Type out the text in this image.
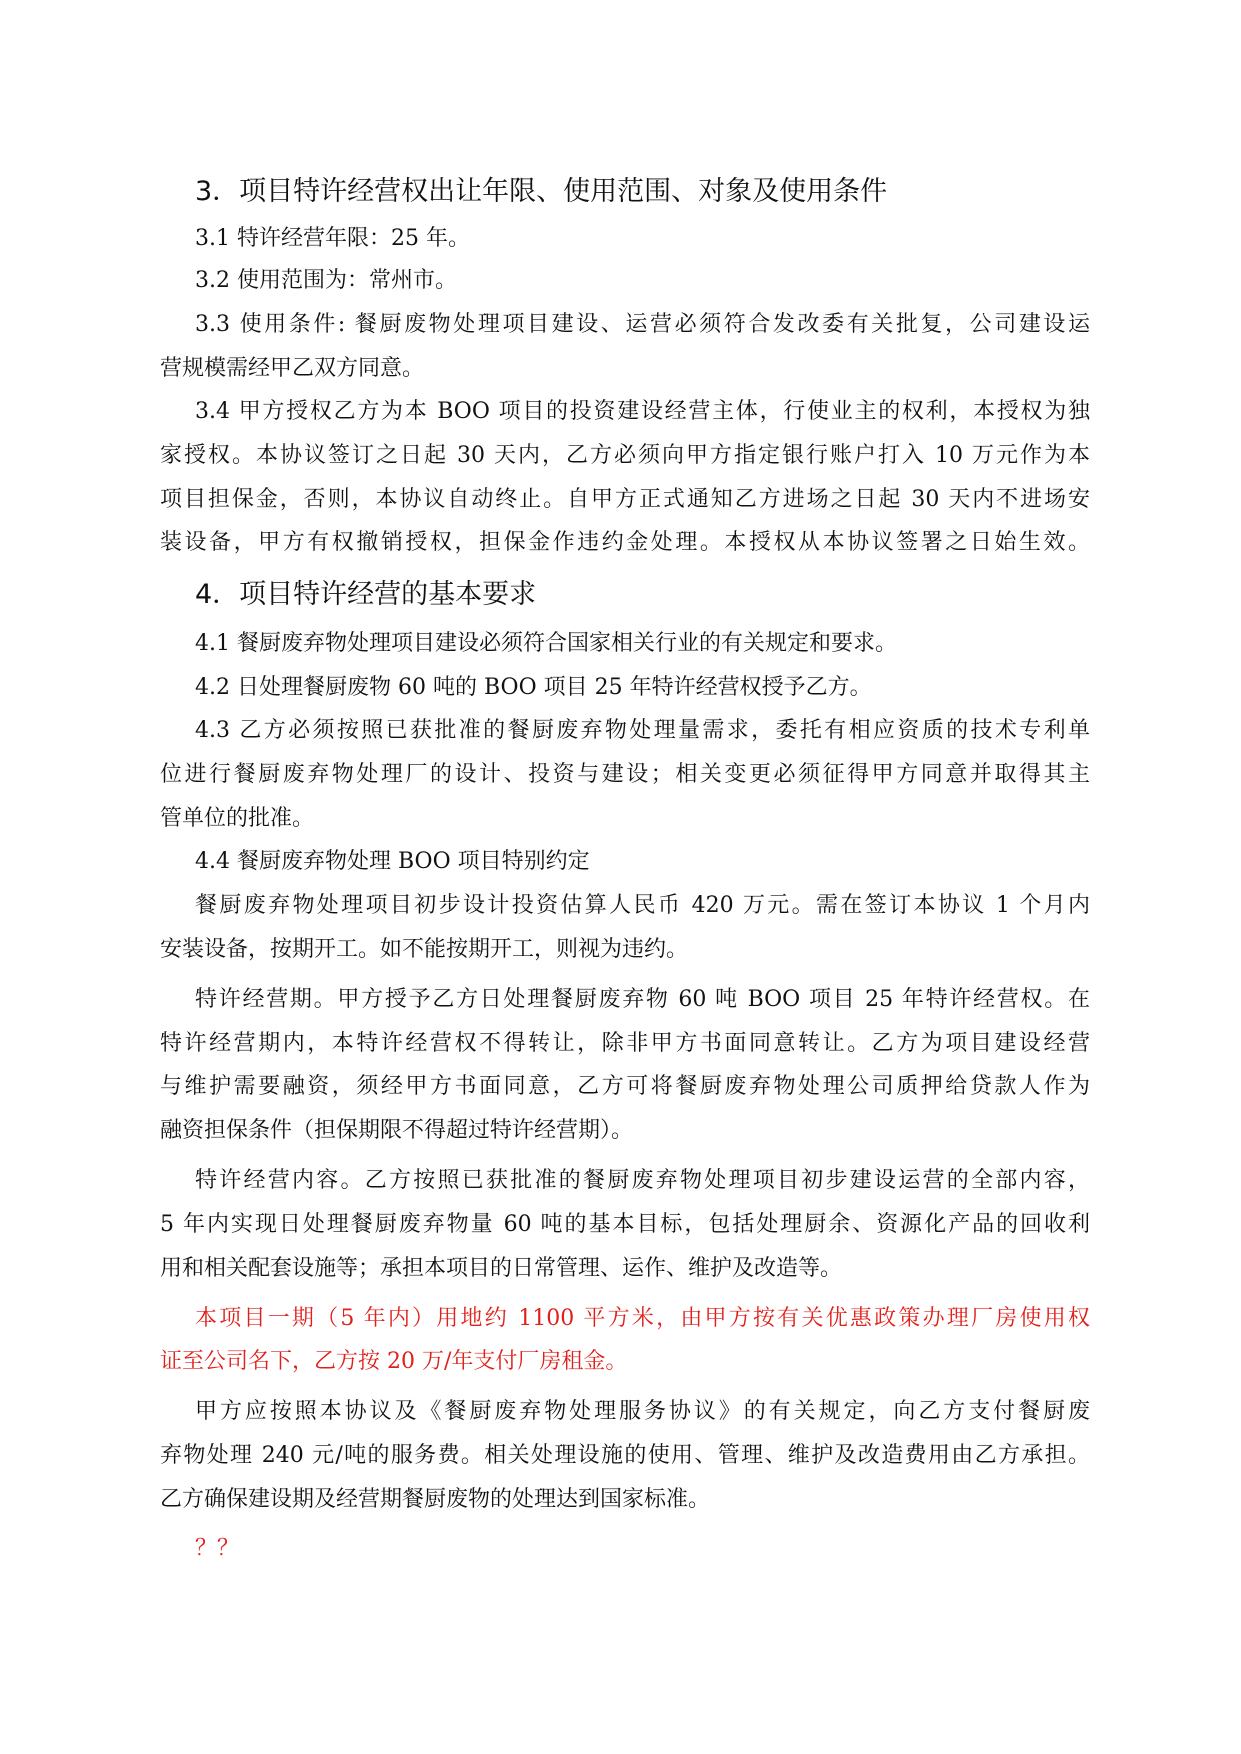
3．项目特许经营权出让年限、使用范围、对象及使用条件
3.1 特许经营年限：25 年。
3.2 使用范围为：常州市。
3.3 使用条件: 餐厨废物处理项目建设、运营必须符合发改委有关批复，公司建设运
营规模需经甲乙双方同意。
3.4 甲方授权乙方为本 BOO 项目的投资建设经营主体，行使业主的权利，本授权为独
家授权。本协议签订之日起 30 天内，乙方必须向甲方指定银行账户打入 10 万元作为本
项目担保金，否则，本协议自动终止。自甲方正式通知乙方进场之日起 30 天内不进场安
装设备，甲方有权撤销授权，担保金作违约金处理。本授权从本协议签署之日始生效。
4．项目特许经营的基本要求
4.1 餐厨废弃物处理项目建设必须符合国家相关行业的有关规定和要求。
4.2 日处理餐厨废物 60 吨的 BOO 项目 25 年特许经营权授予乙方。
4.3 乙方必须按照已获批准的餐厨废弃物处理量需求，委托有相应资质的技术专利单
位进行餐厨废弃物处理厂的设计、投资与建设；相关变更必须征得甲方同意并取得其主
管单位的批准。
4.4 餐厨废弃物处理 BOO 项目特别约定
餐厨废弃物处理项目初步设计投资估算人民币 420 万元。需在签订本协议 1 个月内
安装设备，按期开工。如不能按期开工，则视为违约。
特许经营期。甲方授予乙方日处理餐厨废弃物 60 吨 BOO 项目 25 年特许经营权。在
特许经营期内，本特许经营权不得转让，除非甲方书面同意转让。乙方为项目建设经营
与维护需要融资，须经甲方书面同意，乙方可将餐厨废弃物处理公司质押给贷款人作为
融资担保条件（担保期限不得超过特许经营期）。
特许经营内容。乙方按照已获批准的餐厨废弃物处理项目初步建设运营的全部内容，
5 年内实现日处理餐厨废弃物量 60 吨的基本目标，包括处理厨余、资源化产品的回收利
用和相关配套设施等；承担本项目的日常管理、运作、维护及改造等。
本项目一期（5 年内）用地约 1100 平方米，由甲方按有关优惠政策办理厂房使用权
证至公司名下，乙方按 20 万/年支付厂房租金。
甲方应按照本协议及《餐厨废弃物处理服务协议》的有关规定，向乙方支付餐厨废
弃物处理 240 元/吨的服务费。相关处理设施的使用、管理、维护及改造费用由乙方承担。
乙方确保建设期及经营期餐厨废物的处理达到国家标准。
？？
